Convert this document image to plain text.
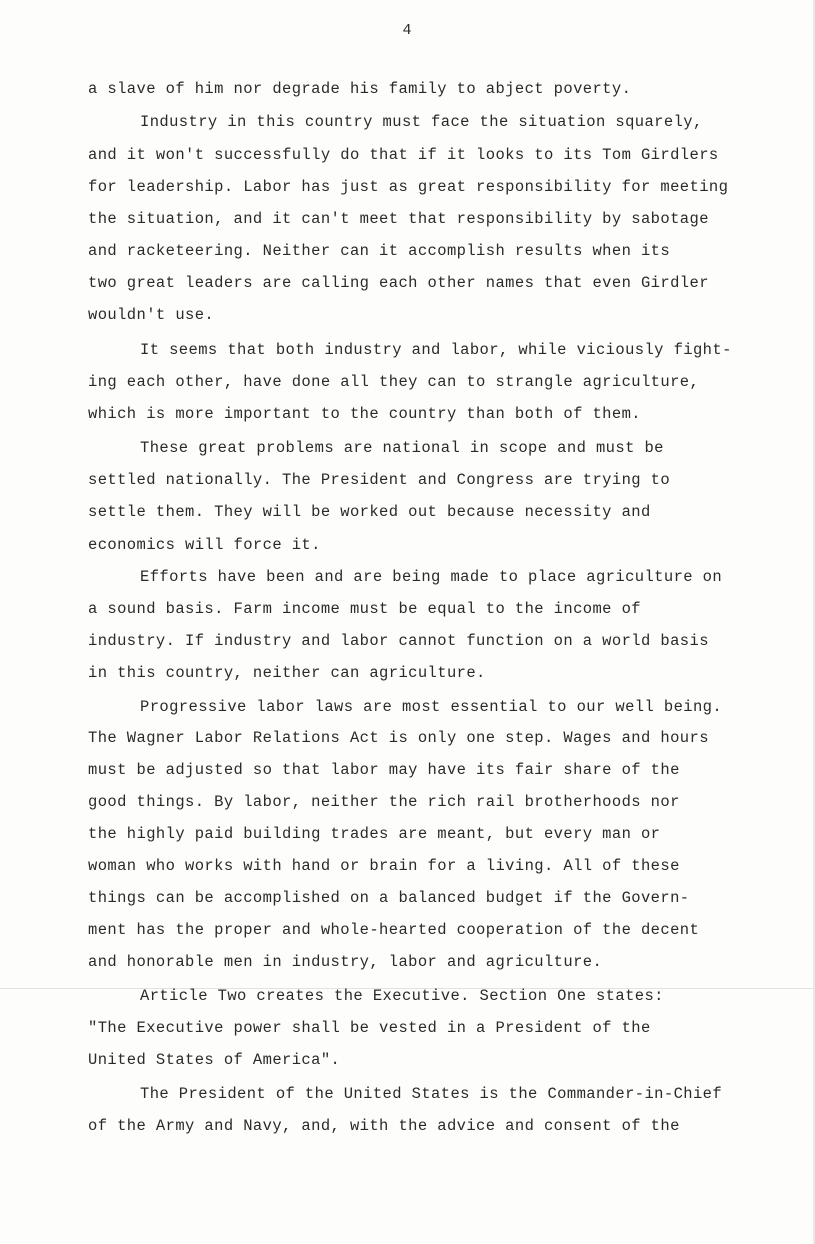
4
a slave of him nor degrade his family to abject poverty.
Industry in this country must face the situation squarely,
and it won't successfully do that if it looks to its Tom Girdlers
for leadership. Labor has just as great responsibility for meeting
the situation, and it can't meet that responsibility by sabotage
and racketeering. Neither can it accomplish results when its
two great leaders are calling each other names that even Girdler
wouldn't use.
It seems that both industry and labor, while viciously fight-
ing each other, have done all they can to strangle agriculture,
which is more important to the country than both of them.
These great problems are national in scope and must be
settled nationally. The President and Congress are trying to
settle them. They will be worked out because necessity and
economics will force it.
Efforts have been and are being made to place agriculture on
a sound basis. Farm income must be equal to the income of
industry. If industry and labor cannot function on a world basis
in this country, neither can agriculture.
Progressive labor laws are most essential to our well being.
The Wagner Labor Relations Act is only one step. Wages and hours
must be adjusted so that labor may have its fair share of the
good things. By labor, neither the rich rail brotherhoods nor
the highly paid building trades are meant, but every man or
woman who works with hand or brain for a living. All of these
things can be accomplished on a balanced budget if the Govern-
ment has the proper and whole-hearted cooperation of the decent
and honorable men in industry, labor and agriculture.
Article Two creates the Executive. Section One states:
"The Executive power shall be vested in a President of the
United States of America".
The President of the United States is the Commander-in-Chief
of the Army and Navy, and, with the advice and consent of the
